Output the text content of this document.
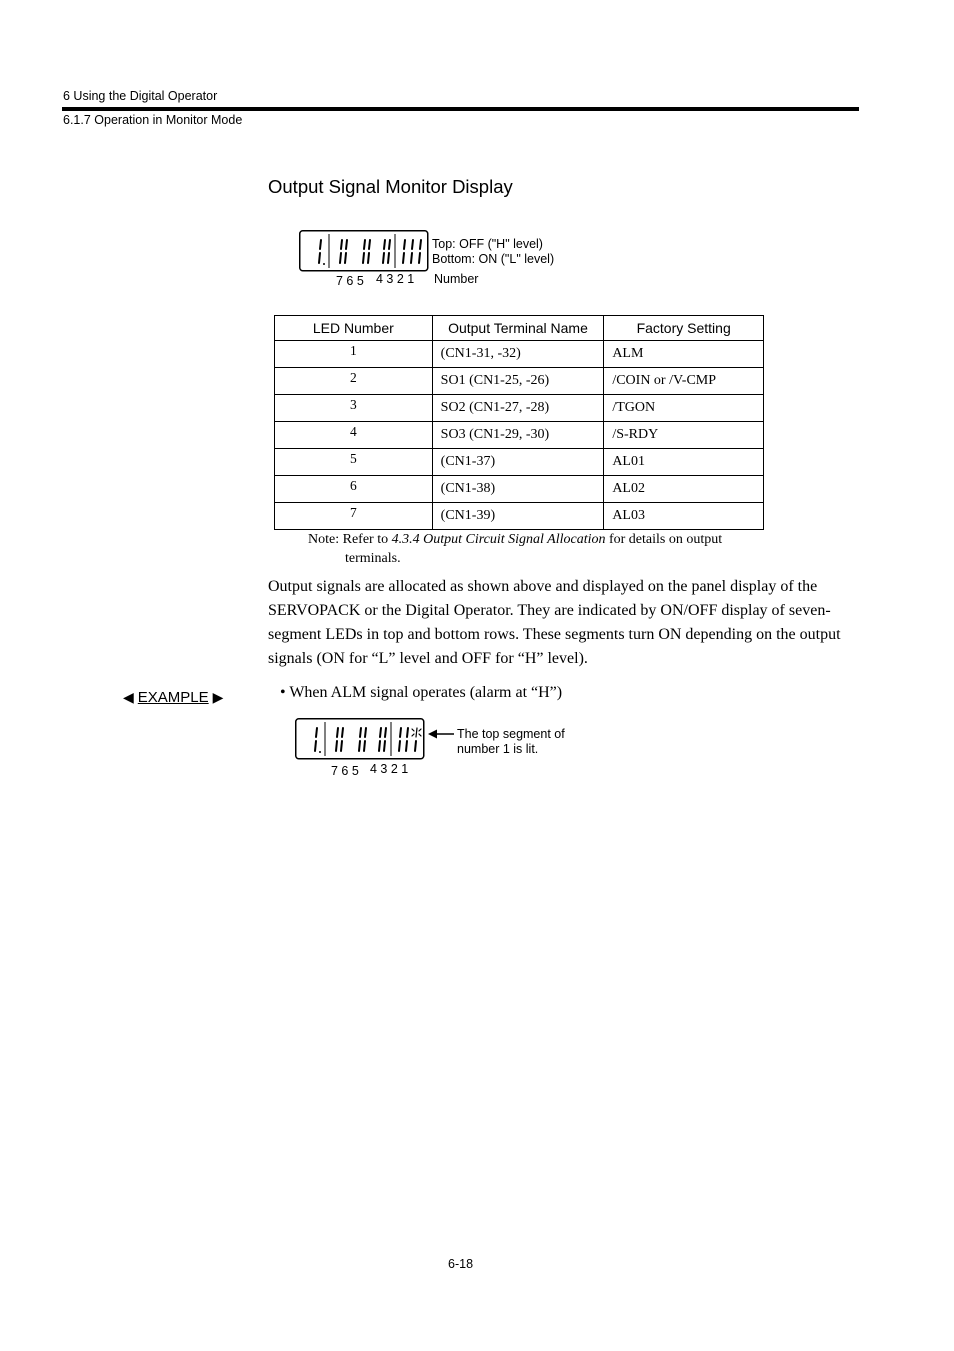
6 Using the Digital Operator
6.1.7 Operation in Monitor Mode
Output Signal Monitor Display
Top: OFF ("H" level)
Bottom: ON ("L" level)
7 6 5 4 3 2 1 Number
LED Number	Output Terminal Name	Factory Setting
1	(CN1-31, -32)	ALM
2	SO1 (CN1-25, -26)	/COIN or /V-CMP
3	SO2 (CN1-27, -28)	/TGON
4	SO3 (CN1-29, -30)	/S-RDY
5	(CN1-37)	AL01
6	(CN1-38)	AL02
7	(CN1-39)	AL03
Note: Refer to 4.3.4 Output Circuit Signal Allocation for details on output
terminals.
Output signals are allocated as shown above and displayed on the panel display of the SERVOPACK or the Digital Operator. They are indicated by ON/OFF display of seven-segment LEDs in top and bottom rows. These segments turn ON depending on the output signals (ON for “L” level and OFF for “H” level).
◀ EXAMPLE ▶	• When ALM signal operates (alarm at “H”)
The top segment of
number 1 is lit.
7 6 5 4 3 2 1
6-18
